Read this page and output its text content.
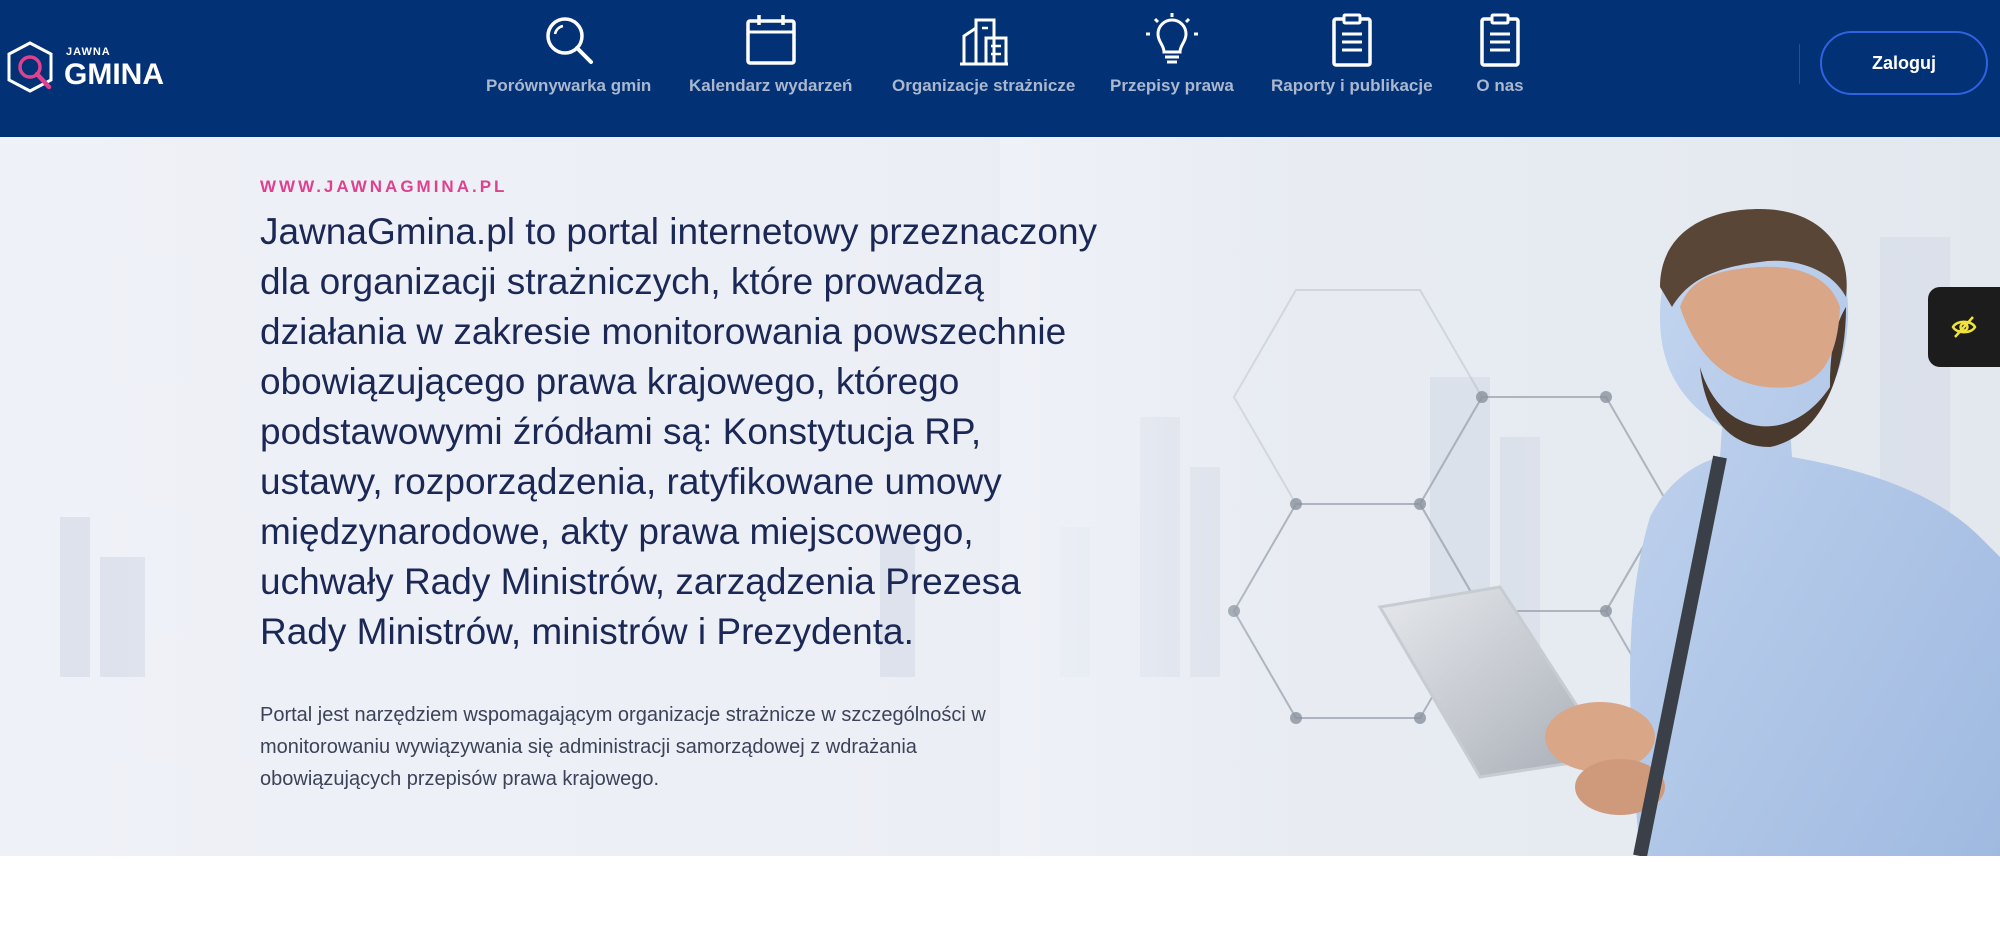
JAWNA
GMINA	Porównywarka gmin Kalendarz wydarzeń Organizacje strażnicze Przepisy prawa Raporty i publikacje	O nas
Zaloguj
WWW.JAWNAGMINA.PL
JawnaGmina.pl to portal internetowy przeznaczony dla organizacji strażniczych, które prowadzą działania w zakresie monitorowania powszechnie obowiązującego prawa krajowego, którego podstawowymi źródłami są: Konstytucja RP, ustawy, rozporządzenia, ratyfikowane umowy międzynarodowe, akty prawa miejscowego, uchwały Rady Ministrów, zarządzenia Prezesa Rady Ministrów, ministrów i Prezydenta.

Portal jest narzędziem wspomagającym organizacje strażnicze w szczególności w monitorowaniu wywiązywania się administracji samorządowej z wdrażania obowiązujących przepisów prawa krajowego.
